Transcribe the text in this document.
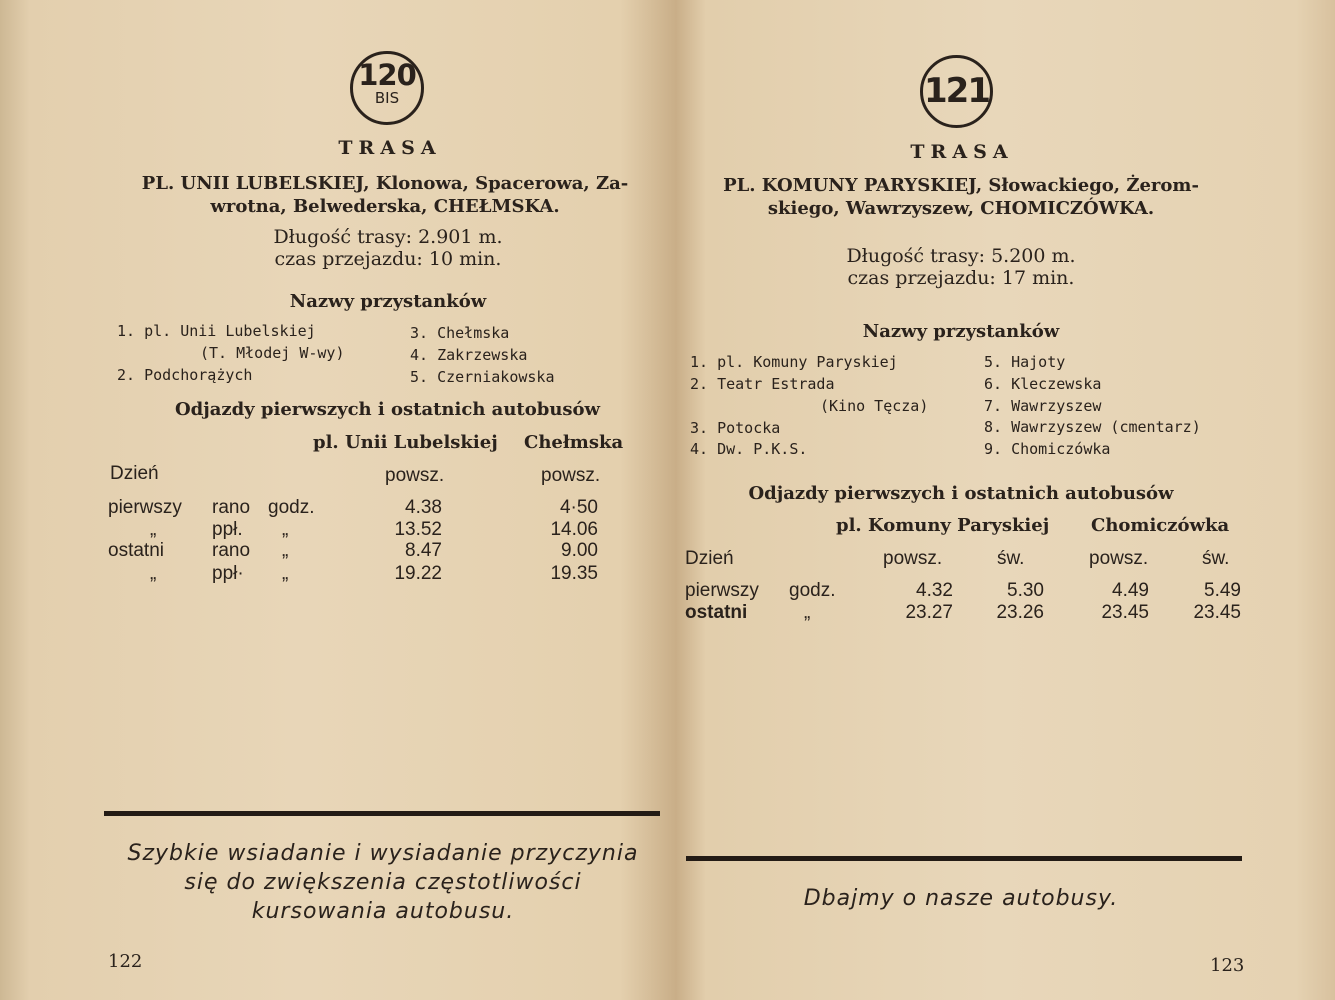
120
BIS
TRASA
PL. UNII LUBELSKIEJ, Klonowa, Spacerowa, Za-
wrotna, Belwederska, CHEŁMSKA.
Długość trasy: 2.901 m.
czas przejazdu: 10 min.
Nazwy przystanków
1. pl. Unii Lubelskiej
(T. Młodej W-wy)
2. Podchorążych
3. Chełmska
4. Zakrzewska
5. Czerniakowska
Odjazdy pierwszych i ostatnich autobusów
pl. Unii Lubelskiej Chełmska
Dzień	powsz.	powsz.
pierwszy rano godz.	4.38	4·50
„	ppł. „	13.52	14.06
ostatni	rano „	8.47	9.00
„	ppł· „	19.22	19.35
Szybkie wsiadanie i wysiadanie przyczynia
się do zwiększenia częstotliwości
kursowania autobusu.
122
121
TRASA
PL. KOMUNY PARYSKIEJ, Słowackiego, Żerom-
skiego, Wawrzyszew, CHOMICZÓWKA.
Długość trasy: 5.200 m.
czas przejazdu: 17 min.
Nazwy przystanków
1. pl. Komuny Paryskiej
2. Teatr Estrada
(Kino Tęcza)
3. Potocka
4. Dw. P.K.S.
5. Hajoty
6. Kleczewska
7. Wawrzyszew
8. Wawrzyszew (cmentarz)
9. Chomiczówka
Odjazdy pierwszych i ostatnich autobusów
pl. Komuny Paryskiej Chomiczówka
Dzień	powsz.	św.	powsz.	św.
pierwszy godz.	4.32	5.30	4.49	5.49
ostatni	„	23.27	23.26	23.45	23.45
Dbajmy o nasze autobusy.
123
